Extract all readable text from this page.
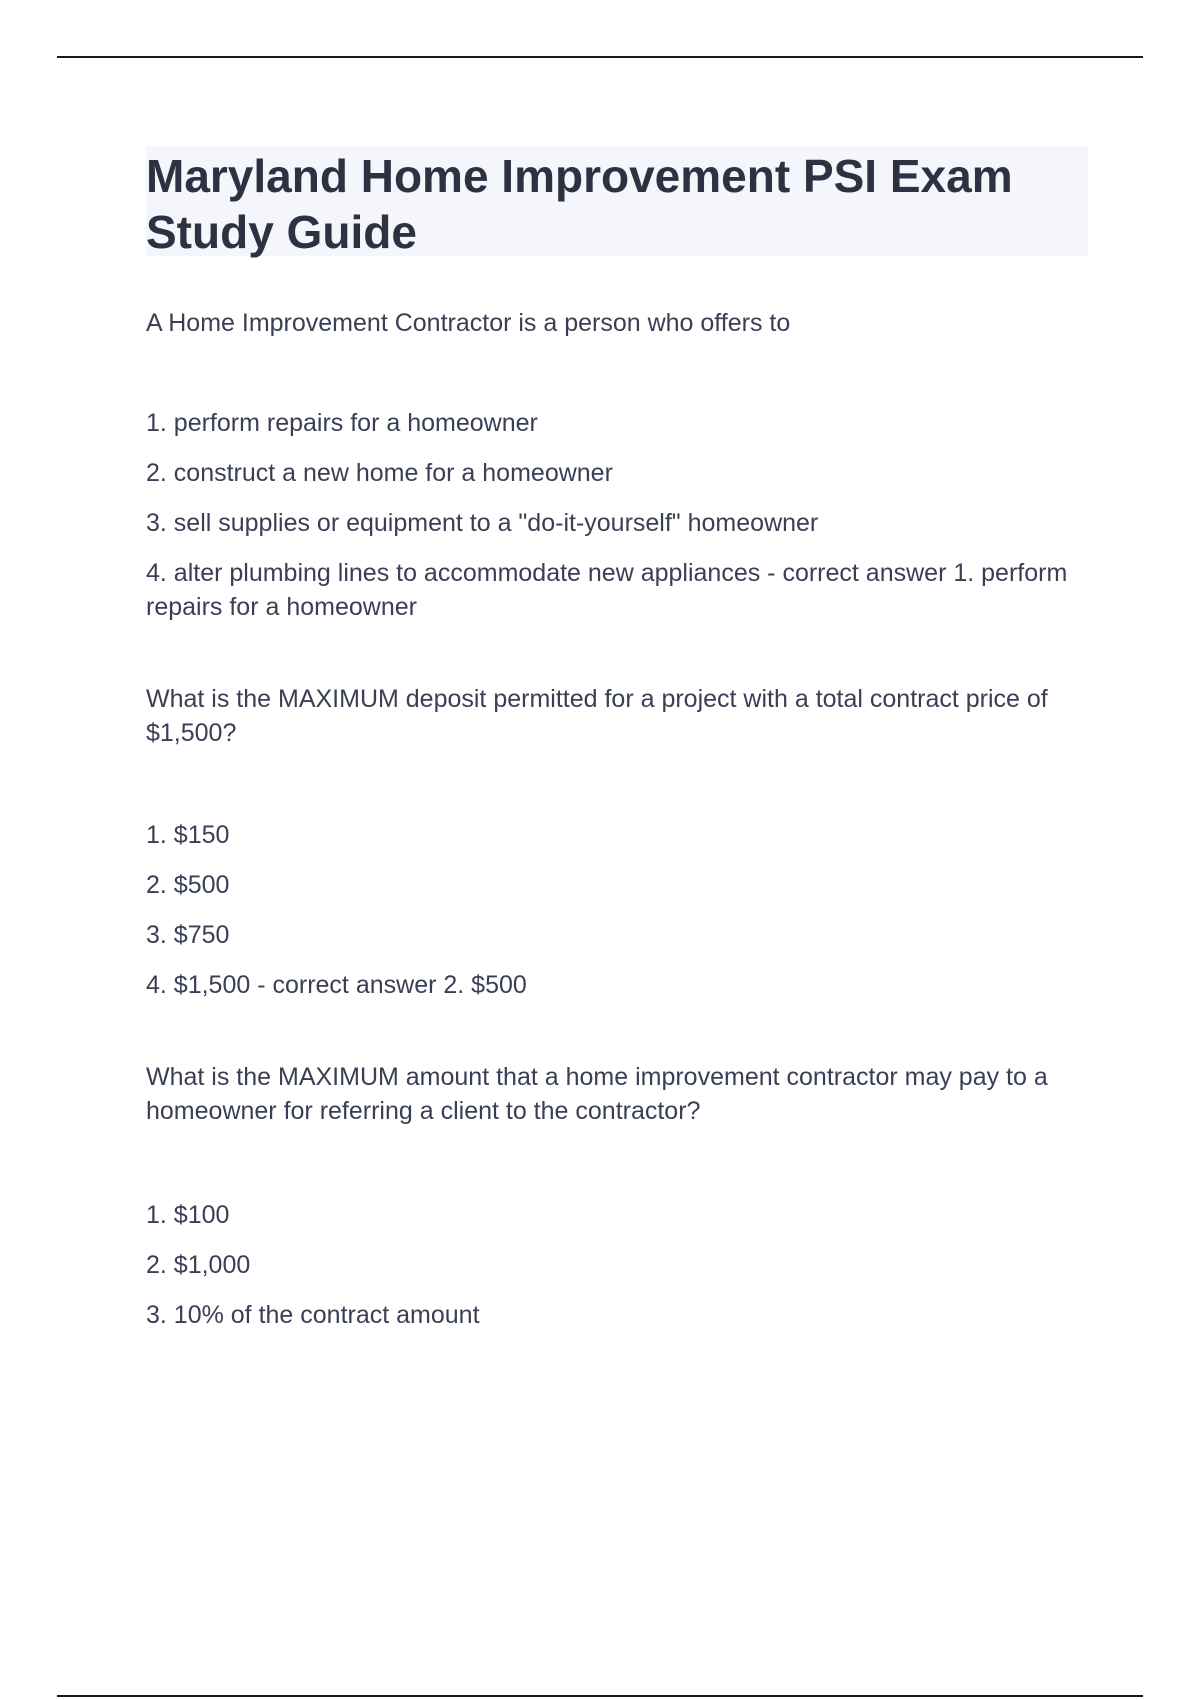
Maryland Home Improvement PSI Exam Study Guide

A Home Improvement Contractor is a person who offers to

1. perform repairs for a homeowner
2. construct a new home for a homeowner
3. sell supplies or equipment to a "do-it-yourself" homeowner
4. alter plumbing lines to accommodate new appliances - correct answer 1. perform repairs for a homeowner

What is the MAXIMUM deposit permitted for a project with a total contract price of $1,500?

1. $150
2. $500
3. $750
4. $1,500 - correct answer 2. $500

What is the MAXIMUM amount that a home improvement contractor may pay to a homeowner for referring a client to the contractor?

1. $100
2. $1,000
3. 10% of the contract amount
